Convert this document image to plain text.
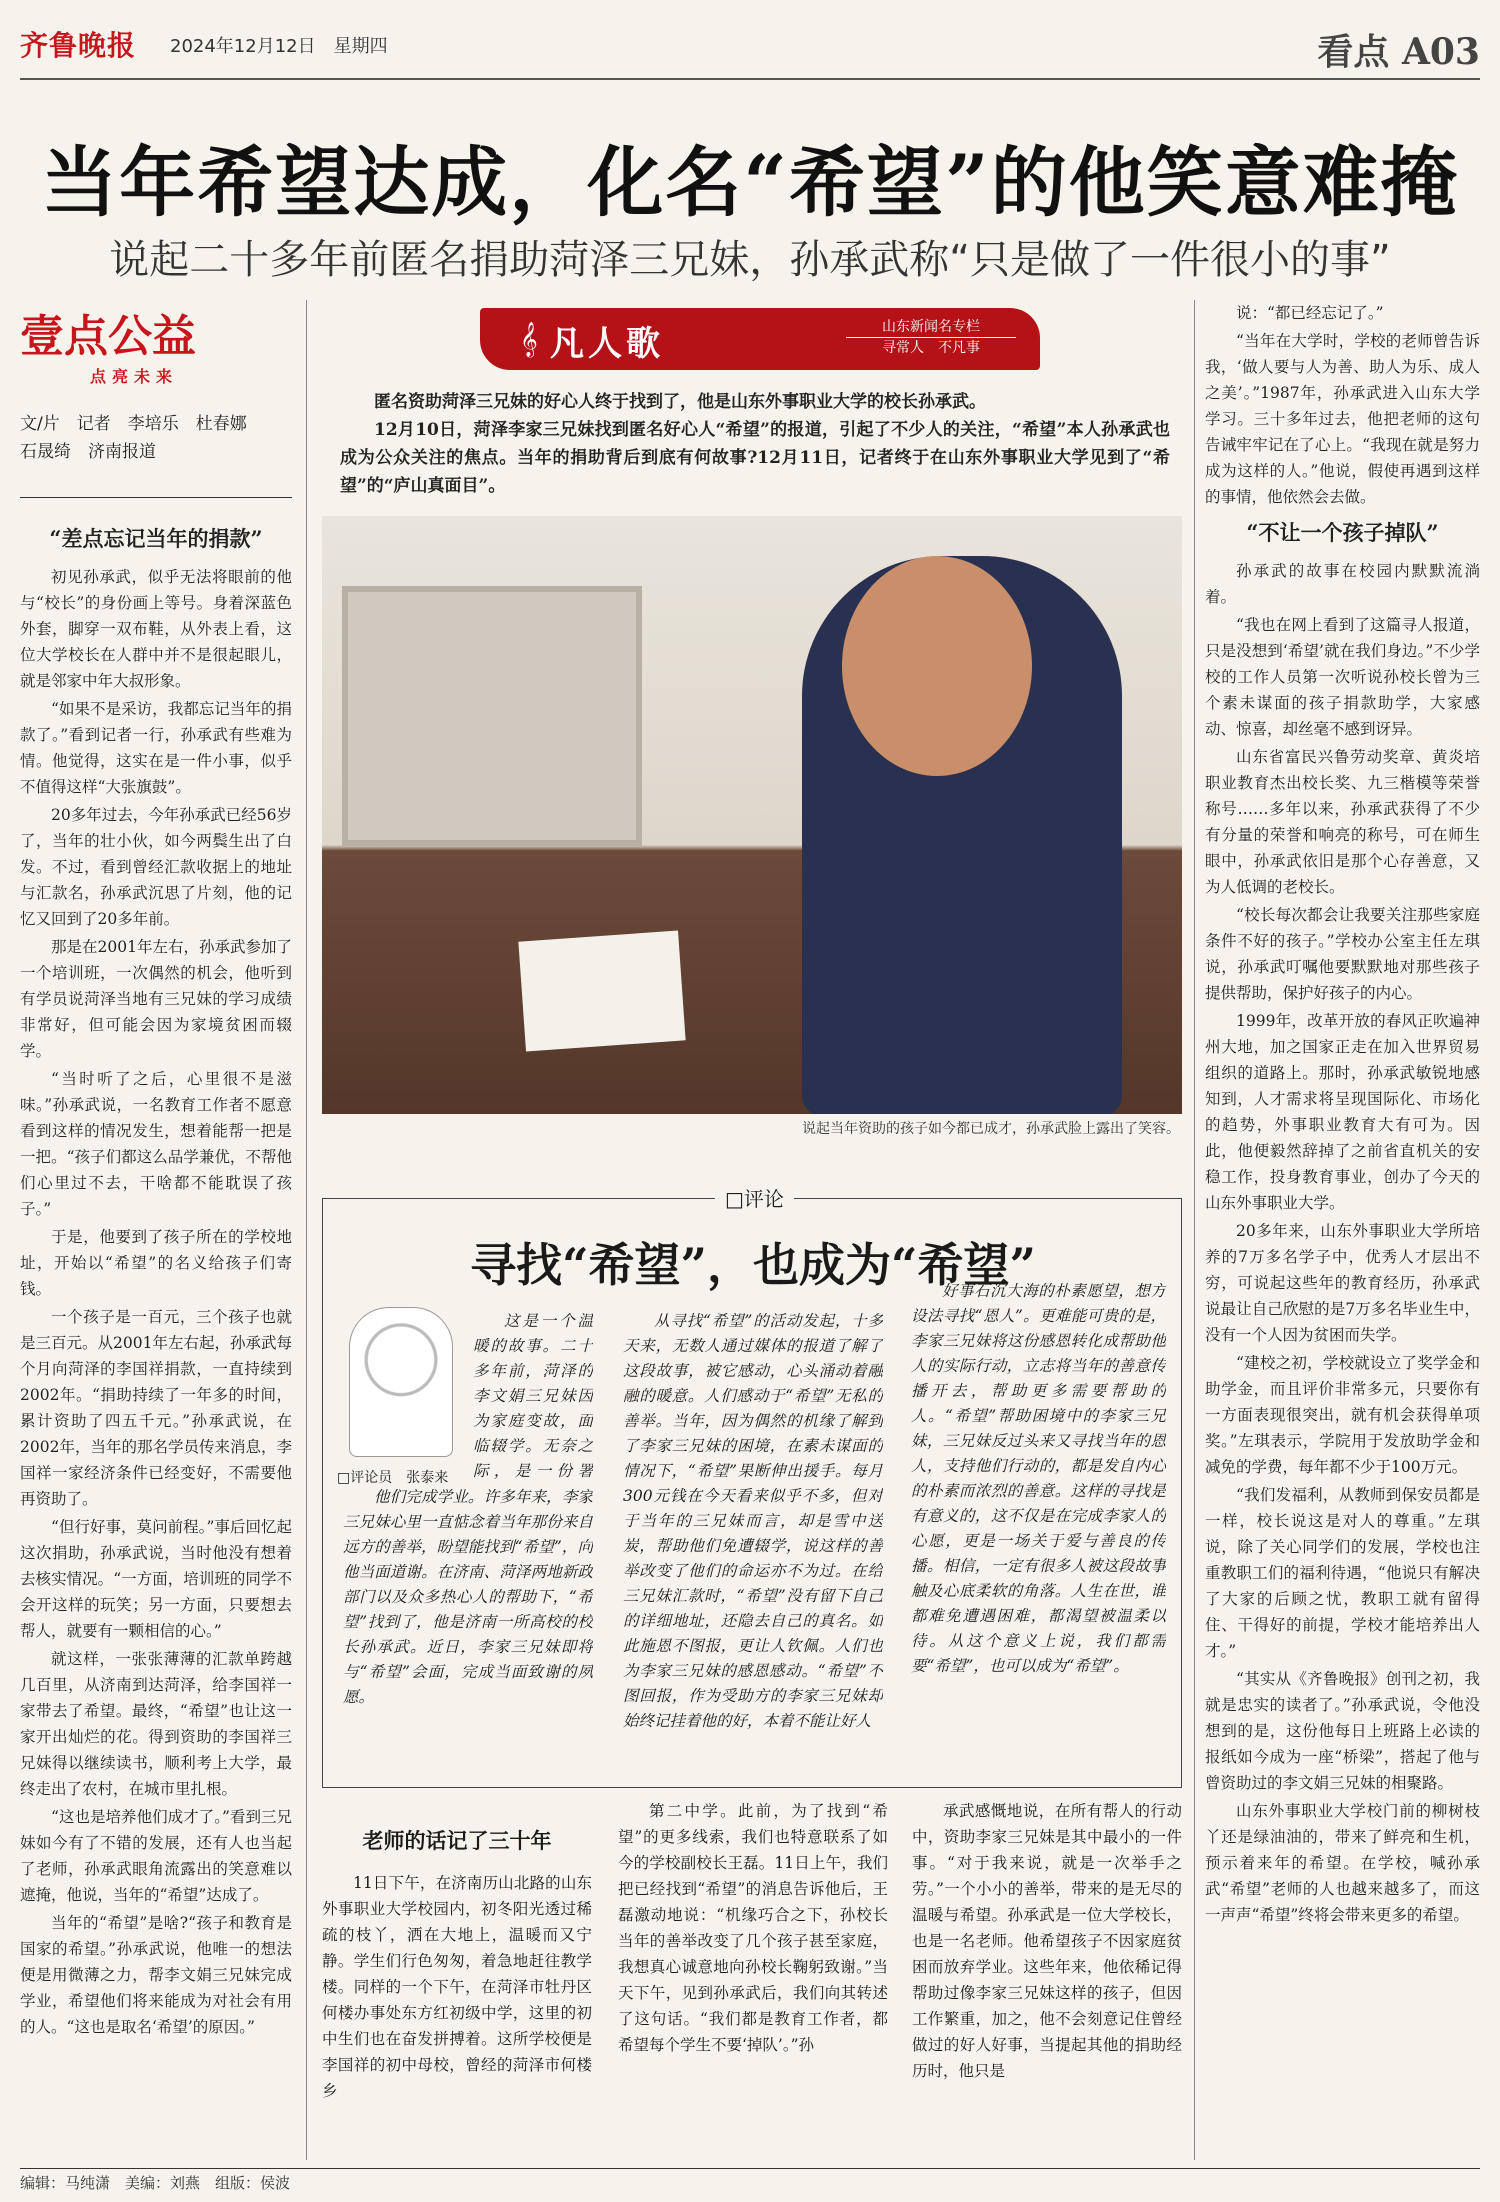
齐鲁晚报 2024年12月12日　星期四	看点 A03
当年希望达成，化名“希望”的他笑意难掩
说起二十多年前匿名捐助菏泽三兄妹，孙承武称“只是做了一件很小的事”
壹点公益
点亮未来
文/片　记者　李培乐　杜春娜
石晟绮　济南报道
𝄞 凡人歌	山东新闻名专栏
寻常人　不凡事

匿名资助菏泽三兄妹的好心人终于找到了，他是山东外事职业大学的校长孙承武。

12月10日，菏泽李家三兄妹找到匿名好心人“希望”的报道，引起了不少人的关注，“希望”本人孙承武也成为公众关注的焦点。当年的捐助背后到底有何故事?12月11日，记者终于在山东外事职业大学见到了“希望”的“庐山真面目”。

说起当年资助的孩子如今都已成才，孙承武脸上露出了笑容。
“差点忘记当年的捐款”

初见孙承武，似乎无法将眼前的他与“校长”的身份画上等号。身着深蓝色外套，脚穿一双布鞋，从外表上看，这位大学校长在人群中并不是很起眼儿，就是邻家中年大叔形象。

“如果不是采访，我都忘记当年的捐款了。”看到记者一行，孙承武有些难为情。他觉得，这实在是一件小事，似乎不值得这样“大张旗鼓”。

20多年过去，今年孙承武已经56岁了，当年的壮小伙，如今两鬓生出了白发。不过，看到曾经汇款收据上的地址与汇款名，孙承武沉思了片刻，他的记忆又回到了20多年前。

那是在2001年左右，孙承武参加了一个培训班，一次偶然的机会，他听到有学员说菏泽当地有三兄妹的学习成绩非常好，但可能会因为家境贫困而辍学。

“当时听了之后，心里很不是滋味。”孙承武说，一名教育工作者不愿意看到这样的情况发生，想着能帮一把是一把。“孩子们都这么品学兼优，不帮他们心里过不去，干啥都不能耽误了孩子。”

于是，他要到了孩子所在的学校地址，开始以“希望”的名义给孩子们寄钱。

一个孩子是一百元，三个孩子也就是三百元。从2001年左右起，孙承武每个月向菏泽的李国祥捐款，一直持续到2002年。“捐助持续了一年多的时间，累计资助了四五千元。”孙承武说，在2002年，当年的那名学员传来消息，李国祥一家经济条件已经变好，不需要他再资助了。

“但行好事，莫问前程。”事后回忆起这次捐助，孙承武说，当时他没有想着去核实情况。“一方面，培训班的同学不会开这样的玩笑；另一方面，只要想去帮人，就要有一颗相信的心。”

就这样，一张张薄薄的汇款单跨越几百里，从济南到达菏泽，给李国祥一家带去了希望。最终，“希望”也让这一家开出灿烂的花。得到资助的李国祥三兄妹得以继续读书，顺利考上大学，最终走出了农村，在城市里扎根。

“这也是培养他们成才了。”看到三兄妹如今有了不错的发展，还有人也当起了老师，孙承武眼角流露出的笑意难以遮掩，他说，当年的“希望”达成了。

当年的“希望”是啥?“孩子和教育是国家的希望。”孙承武说，他唯一的想法便是用微薄之力，帮李文娟三兄妹完成学业，希望他们将来能成为对社会有用的人。“这也是取名‘希望’的原因。”

说：“都已经忘记了。”

“当年在大学时，学校的老师曾告诉我，‘做人要与人为善、助人为乐、成人之美’。”1987年，孙承武进入山东大学学习。三十多年过去，他把老师的这句告诫牢牢记在了心上。“我现在就是努力成为这样的人。”他说，假使再遇到这样的事情，他依然会去做。

“不让一个孩子掉队”

孙承武的故事在校园内默默流淌着。

“我也在网上看到了这篇寻人报道，只是没想到‘希望’就在我们身边。”不少学校的工作人员第一次听说孙校长曾为三个素未谋面的孩子捐款助学，大家感动、惊喜，却丝毫不感到讶异。

山东省富民兴鲁劳动奖章、黄炎培职业教育杰出校长奖、九三楷模等荣誉称号……多年以来，孙承武获得了不少有分量的荣誉和响亮的称号，可在师生眼中，孙承武依旧是那个心存善意，又为人低调的老校长。

“校长每次都会让我要关注那些家庭条件不好的孩子。”学校办公室主任左琪说，孙承武叮嘱他要默默地对那些孩子提供帮助，保护好孩子的内心。

1999年，改革开放的春风正吹遍神州大地，加之国家正走在加入世界贸易组织的道路上。那时，孙承武敏锐地感知到，人才需求将呈现国际化、市场化的趋势，外事职业教育大有可为。因此，他便毅然辞掉了之前省直机关的安稳工作，投身教育事业，创办了今天的山东外事职业大学。

20多年来，山东外事职业大学所培养的7万多名学子中，优秀人才层出不穷，可说起这些年的教育经历，孙承武说最让自己欣慰的是7万多名毕业生中，没有一个人因为贫困而失学。

“建校之初，学校就设立了奖学金和助学金，而且评价非常多元，只要你有一方面表现很突出，就有机会获得单项奖。”左琪表示，学院用于发放助学金和减免的学费，每年都不少于100万元。

“我们发福利，从教师到保安员都是一样，校长说这是对人的尊重。”左琪说，除了关心同学们的发展，学校也注重教职工们的福利待遇，“他说只有解决了大家的后顾之忧，教职工就有留得住、干得好的前提，学校才能培养出人才。”

“其实从《齐鲁晚报》创刊之初，我就是忠实的读者了。”孙承武说，令他没想到的是，这份他每日上班路上必读的报纸如今成为一座“桥梁”，搭起了他与曾资助过的李文娟三兄妹的相聚路。

山东外事职业大学校门前的柳树枝丫还是绿油油的，带来了鲜亮和生机，预示着来年的希望。在学校，喊孙承武“希望”老师的人也越来越多了，而这一声声“希望”终将会带来更多的希望。

□评论
寻找“希望”，也成为“希望”
□评论员　张泰来

这是一个温暖的故事。二十多年前，菏泽的李文娟三兄妹因为家庭变故，面临辍学。无奈之际，是一份署

他们完成学业。许多年来，李家三兄妹心里一直惦念着当年那份来自远方的善举，盼望能找到“希望”，向他当面道谢。在济南、菏泽两地新政部门以及众多热心人的帮助下，“希望”找到了，他是济南一所高校的校长孙承武。近日，李家三兄妹即将与“希望”会面，完成当面致谢的夙愿。

从寻找“希望”的活动发起，十多天来，无数人通过媒体的报道了解了这段故事，被它感动，心头涌动着融融的暖意。人们感动于“希望”无私的善举。当年，因为偶然的机缘了解到了李家三兄妹的困境，在素未谋面的情况下，“希望”果断伸出援手。每月300元钱在今天看来似乎不多，但对于当年的三兄妹而言，却是雪中送炭，帮助他们免遭辍学，说这样的善举改变了他们的命运亦不为过。在给三兄妹汇款时，“希望”没有留下自己的详细地址，还隐去自己的真名。如此施恩不图报，更让人钦佩。人们也为李家三兄妹的感恩感动。“希望”不图回报，作为受助方的李家三兄妹却始终记挂着他的好，本着不能让好人

好事石沉大海的朴素愿望，想方设法寻找“恩人”。更难能可贵的是，李家三兄妹将这份感恩转化成帮助他人的实际行动，立志将当年的善意传播开去，帮助更多需要帮助的人。“希望”帮助困境中的李家三兄妹，三兄妹反过头来又寻找当年的恩人，支持他们行动的，都是发自内心的朴素而浓烈的善意。这样的寻找是有意义的，这不仅是在完成李家人的心愿，更是一场关于爱与善良的传播。相信，一定有很多人被这段故事触及心底柔软的角落。人生在世，谁都难免遭遇困难，都渴望被温柔以待。从这个意义上说，我们都需要“希望”，也可以成为“希望”。

老师的话记了三十年

11日下午，在济南历山北路的山东外事职业大学校园内，初冬阳光透过稀疏的枝丫，洒在大地上，温暖而又宁静。学生们行色匆匆，着急地赶往教学楼。同样的一个下午，在菏泽市牡丹区何楼办事处东方红初级中学，这里的初中生们也在奋发拼搏着。这所学校便是李国祥的初中母校，曾经的菏泽市何楼乡

第二中学。此前，为了找到“希望”的更多线索，我们也特意联系了如今的学校副校长王磊。11日上午，我们把已经找到“希望”的消息告诉他后，王磊激动地说：“机缘巧合之下，孙校长当年的善举改变了几个孩子甚至家庭，我想真心诚意地向孙校长鞠躬致谢。”当天下午，见到孙承武后，我们向其转述了这句话。“我们都是教育工作者，都希望每个学生不要‘掉队’。”孙

承武感慨地说，在所有帮人的行动中，资助李家三兄妹是其中最小的一件事。“对于我来说，就是一次举手之劳。”一个小小的善举，带来的是无尽的温暖与希望。孙承武是一位大学校长，也是一名老师。他希望孩子不因家庭贫困而放弃学业。这些年来，他依稀记得帮助过像李家三兄妹这样的孩子，但因工作繁重，加之，他不会刻意记住曾经做过的好人好事，当提起其他的捐助经历时，他只是

编辑：马纯潇　美编：刘燕　组版：侯波
